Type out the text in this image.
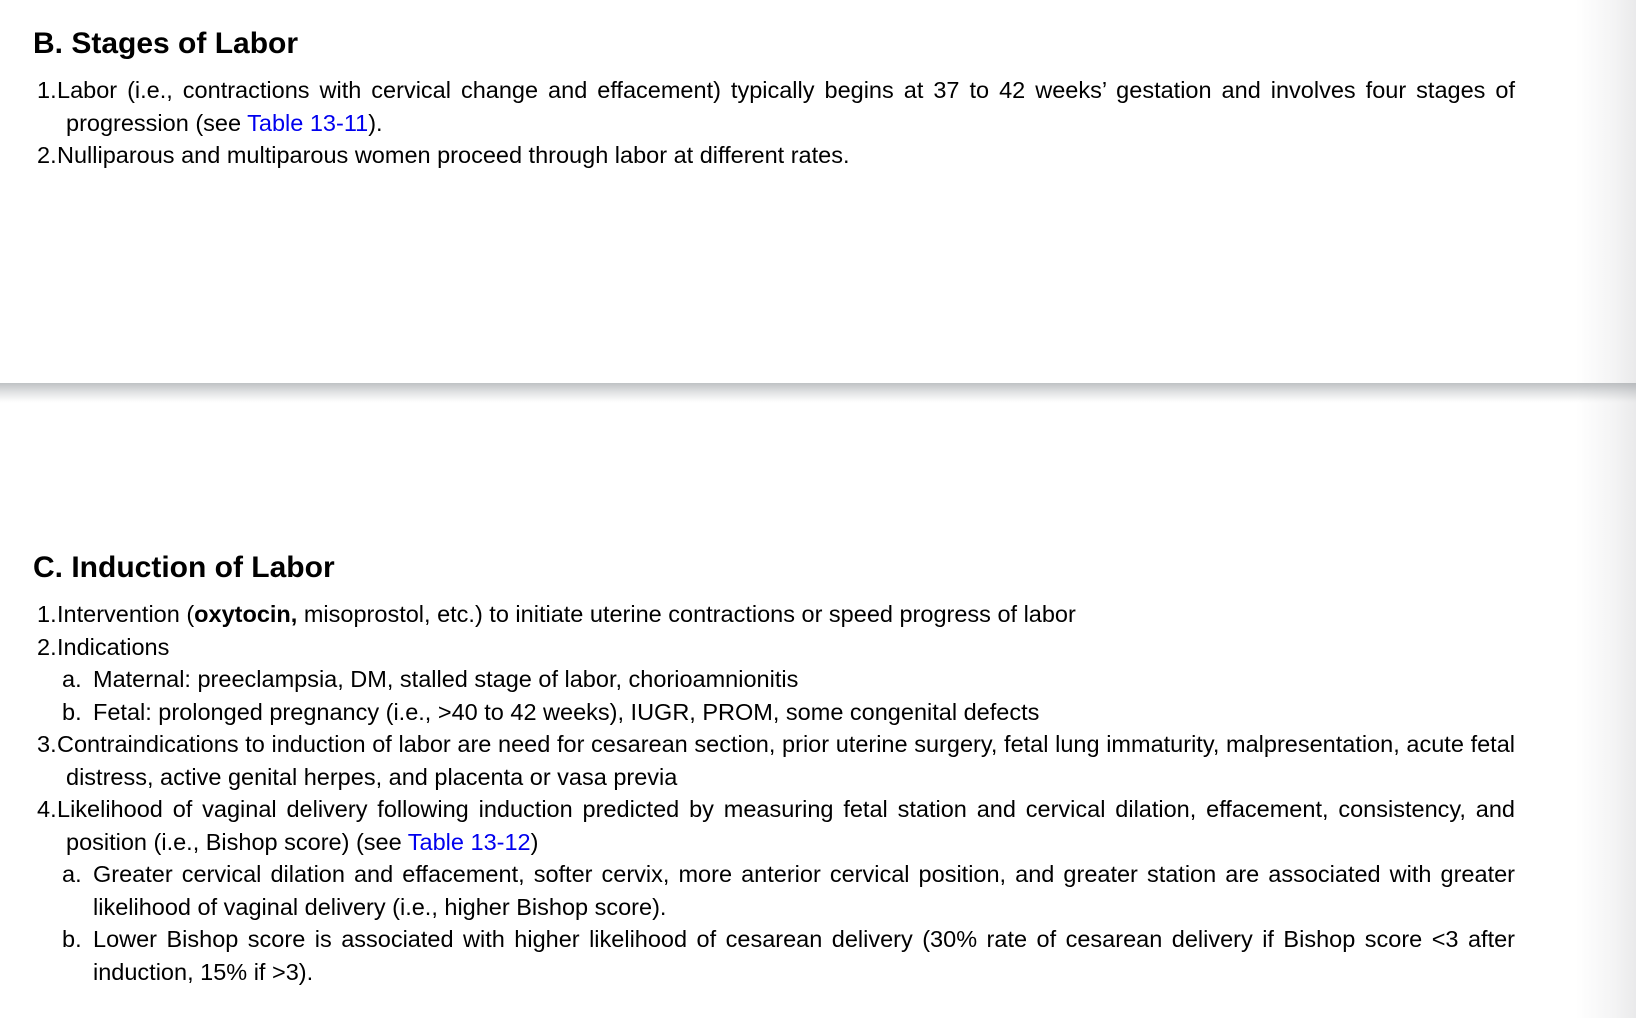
B. Stages of Labor
1. Labor (i.e., contractions with cervical change and effacement) typically begins at 37 to 42 weeks’ gestation and involves four stages of progression (see Table 13-11).
2. Nulliparous and multiparous women proceed through labor at different rates.
C. Induction of Labor
1. Intervention (oxytocin, misoprostol, etc.) to initiate uterine contractions or speed progress of labor
2. Indications
a. Maternal: preeclampsia, DM, stalled stage of labor, chorioamnionitis
b. Fetal: prolonged pregnancy (i.e., >40 to 42 weeks), IUGR, PROM, some congenital defects
3. Contraindications to induction of labor are need for cesarean section, prior uterine surgery, fetal lung immaturity, malpresentation, acute fetal distress, active genital herpes, and placenta or vasa previa
4. Likelihood of vaginal delivery following induction predicted by measuring fetal station and cervical dilation, effacement, consistency, and position (i.e., Bishop score) (see Table 13-12)
a. Greater cervical dilation and effacement, softer cervix, more anterior cervical position, and greater station are associated with greater likelihood of vaginal delivery (i.e., higher Bishop score).
b. Lower Bishop score is associated with higher likelihood of cesarean delivery (30% rate of cesarean delivery if Bishop score <3 after induction, 15% if >3).
